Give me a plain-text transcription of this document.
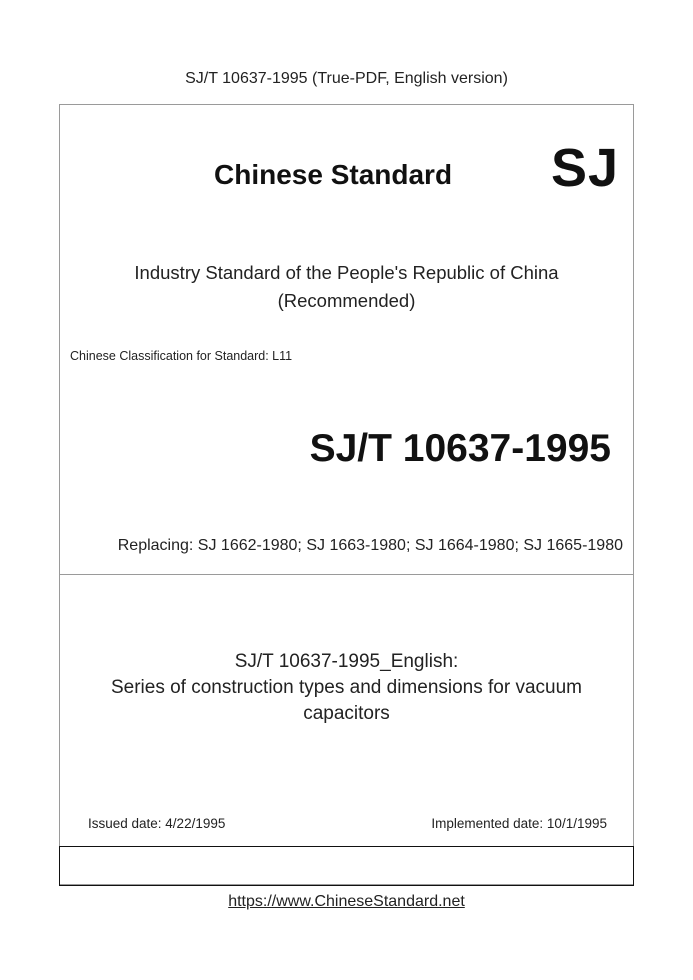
SJ/T 10637-1995 (True-PDF, English version)
Chinese Standard SJ
Industry Standard of the People's Republic of China
(Recommended)
Chinese Classification for Standard: L11
SJ/T 10637-1995
Replacing: SJ 1662-1980; SJ 1663-1980; SJ 1664-1980; SJ 1665-1980
SJ/T 10637-1995_English:
Series of construction types and dimensions for vacuum
capacitors
Issued date: 4/22/1995	Implemented date: 10/1/1995
https://www.ChineseStandard.net
